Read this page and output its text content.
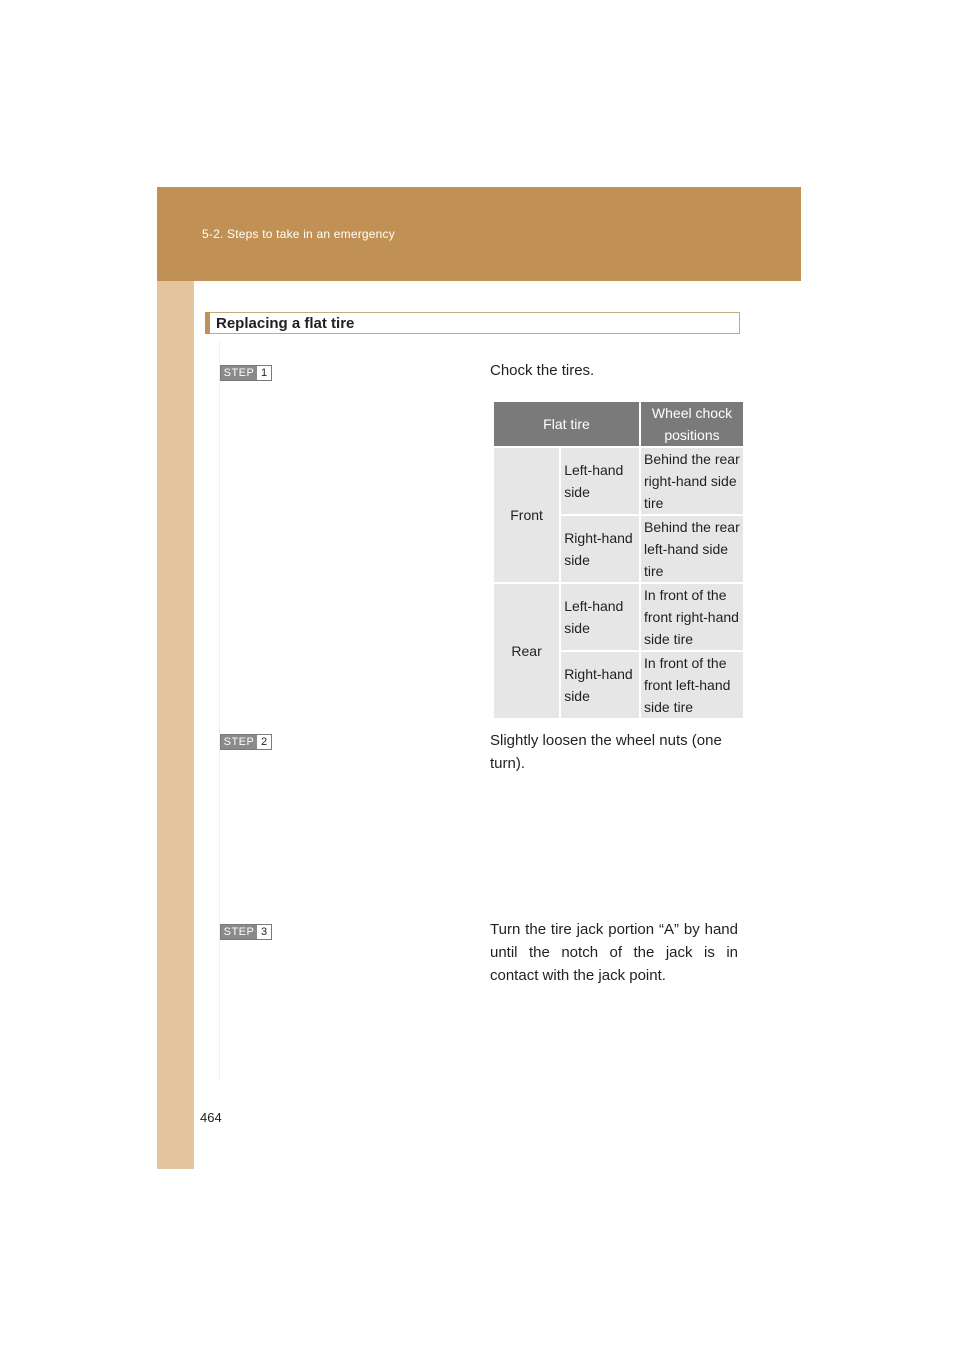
5-2. Steps to take in an emergency
Replacing a flat tire
STEP 1	Chock the tires.
Flat tire		Wheel chock positions
Front	Left-hand side	Behind the rear right-hand side tire
	Right-hand side	Behind the rear left-hand side tire
Rear	Left-hand side	In front of the front right-hand side tire
	Right-hand side	In front of the front left-hand side tire
STEP 2	Slightly loosen the wheel nuts (one turn).
STEP 3	Turn the tire jack portion “A” by hand until the notch of the jack is in contact with the jack point.
464
